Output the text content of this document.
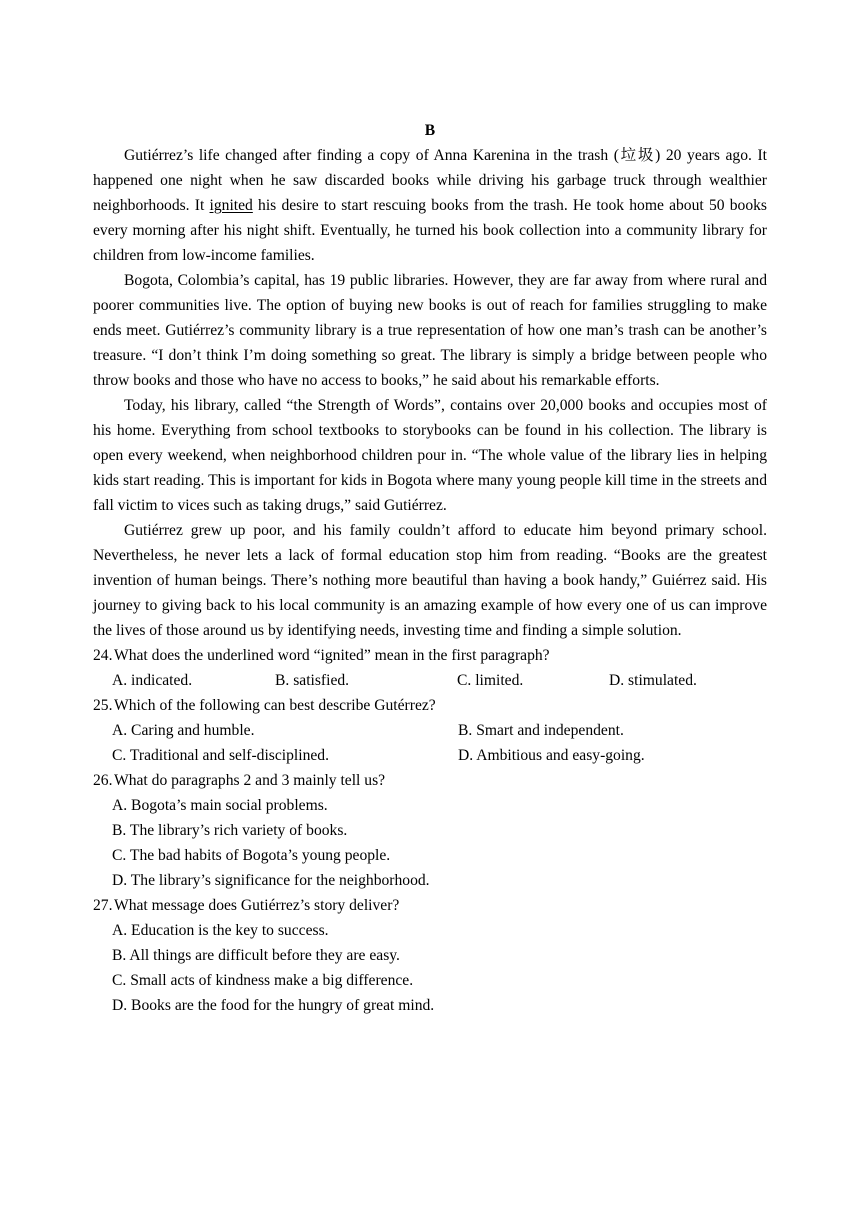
B

Gutiérrez’s life changed after finding a copy of Anna Karenina in the trash (垃圾) 20 years ago. It happened one night when he saw discarded books while driving his garbage truck through wealthier neighborhoods. It ignited his desire to start rescuing books from the trash. He took home about 50 books every morning after his night shift. Eventually, he turned his book collection into a community library for children from low-income families.

Bogota, Colombia’s capital, has 19 public libraries. However, they are far away from where rural and poorer communities live. The option of buying new books is out of reach for families struggling to make ends meet. Gutiérrez’s community library is a true representation of how one man’s trash can be another’s treasure. “I don’t think I’m doing something so great. The library is simply a bridge between people who throw books and those who have no access to books,” he said about his remarkable efforts.

Today, his library, called “the Strength of Words”, contains over 20,000 books and occupies most of his home. Everything from school textbooks to storybooks can be found in his collection. The library is open every weekend, when neighborhood children pour in. “The whole value of the library lies in helping kids start reading. This is important for kids in Bogota where many young people kill time in the streets and fall victim to vices such as taking drugs,” said Gutiérrez.

Gutiérrez grew up poor, and his family couldn’t afford to educate him beyond primary school. Nevertheless, he never lets a lack of formal education stop him from reading. “Books are the greatest invention of human beings. There’s nothing more beautiful than having a book handy,” Guiérrez said. His journey to giving back to his local community is an amazing example of how every one of us can improve the lives of those around us by identifying needs, investing time and finding a simple solution.

24.What does the underlined word “ignited” mean in the first paragraph?
A. indicated.	B. satisfied.	C. limited.	D. stimulated.
25.Which of the following can best describe Gutérrez?
A. Caring and humble.	B. Smart and independent.
C. Traditional and self-disciplined.	D. Ambitious and easy-going.
26.What do paragraphs 2 and 3 mainly tell us?
A. Bogota’s main social problems.
B. The library’s rich variety of books.
C. The bad habits of Bogota’s young people.
D. The library’s significance for the neighborhood.
27.What message does Gutiérrez’s story deliver?
A. Education is the key to success.
B. All things are difficult before they are easy.
C. Small acts of kindness make a big difference.
D. Books are the food for the hungry of great mind.
